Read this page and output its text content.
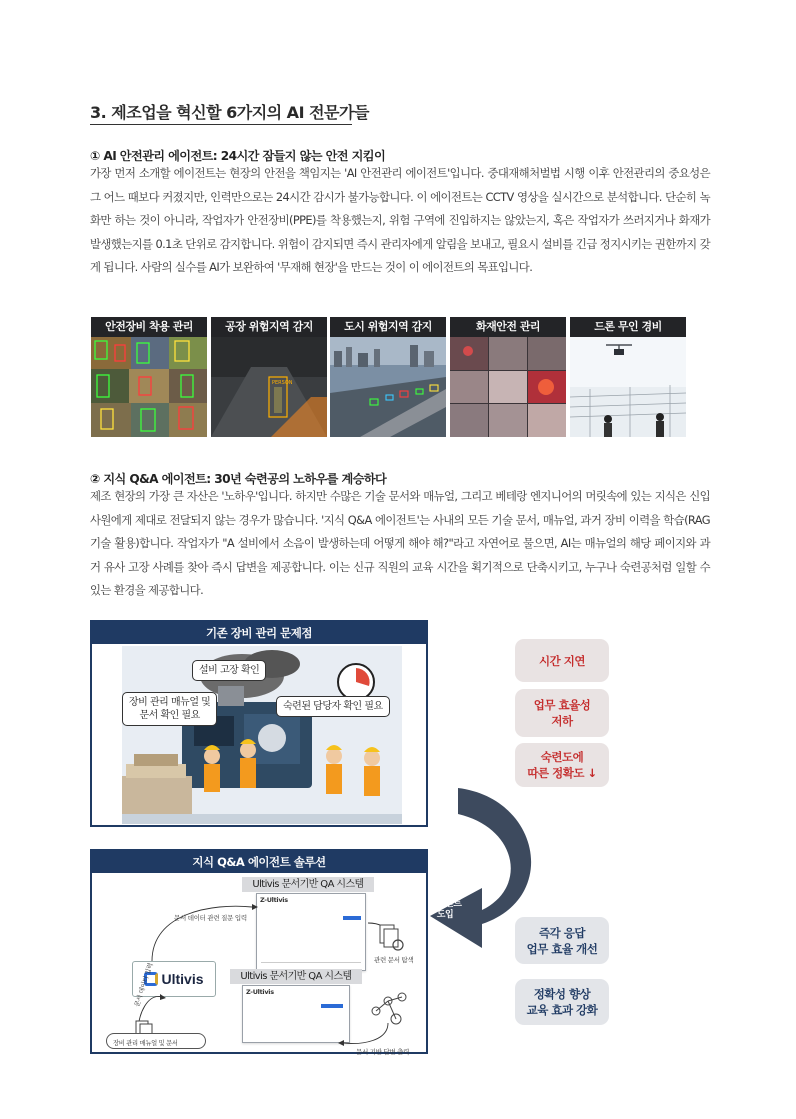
3. 제조업을 혁신할 6가지의 AI 전문가들
① AI 안전관리 에이전트: 24시간 잠들지 않는 안전 지킴이
가장 먼저 소개할 에이전트는 현장의 안전을 책임지는 'AI 안전관리 에이전트'입니다. 중대재해처벌법 시행 이후 안전관리의 중요성은 그 어느 때보다 커졌지만, 인력만으로는 24시간 감시가 불가능합니다. 이 에이전트는 CCTV 영상을 실시간으로 분석합니다. 단순히 녹화만 하는 것이 아니라, 작업자가 안전장비(PPE)를 착용했는지, 위험 구역에 진입하지는 않았는지, 혹은 작업자가 쓰러지거나 화재가 발생했는지를 0.1초 단위로 감지합니다. 위험이 감지되면 즉시 관리자에게 알림을 보내고, 필요시 설비를 긴급 정지시키는 권한까지 갖게 됩니다. 사람의 실수를 AI가 보완하여 '무재해 현장'을 만드는 것이 이 에이전트의 목표입니다.
안전장비 착용 관리	공장 위험지역 감지
PERSON
도시 위험지역 감지	화재안전 관리	드론 무인 경비
② 지식 Q&A 에이전트: 30년 숙련공의 노하우를 계승하다
제조 현장의 가장 큰 자산은 '노하우'입니다. 하지만 수많은 기술 문서와 매뉴얼, 그리고 베테랑 엔지니어의 머릿속에 있는 지식은 신입 사원에게 제대로 전달되지 않는 경우가 많습니다. '지식 Q&A 에이전트'는 사내의 모든 기술 문서, 매뉴얼, 과거 장비 이력을 학습(RAG 기술 활용)합니다. 작업자가 "A 설비에서 소음이 발생하는데 어떻게 해야 해?"라고 자연어로 물으면, AI는 매뉴얼의 해당 페이지와 과거 유사 고장 사례를 찾아 즉시 답변을 제공합니다. 이는 신규 직원의 교육 시간을 획기적으로 단축시키고, 누구나 숙련공처럼 일할 수 있는 환경을 제공합니다.
기존 장비 관리 문제점
설비 고장 확인
장비 관리 매뉴얼 및
문서 확인 필요
숙련된 담당자 확인 필요
시간 지연
업무 효율성
저하
숙련도에
따른 정확도 ↓
Q&A
에이전트
도입
지식 Q&A 에이전트 솔루션
Ultivis
Ultivis 문서기반 QA 시스템
Z-Ultivis
Ultivis 문서기반 QA 시스템
Z-Ultivis
문서 데이터 관련 질문 입력
관련 문서 탐색
문서 기반 답변 출력
문서 데이터 입력
장비 관리 매뉴얼 및 문서
즉각 응답
업무 효율 개선
정확성 향상
교육 효과 강화
